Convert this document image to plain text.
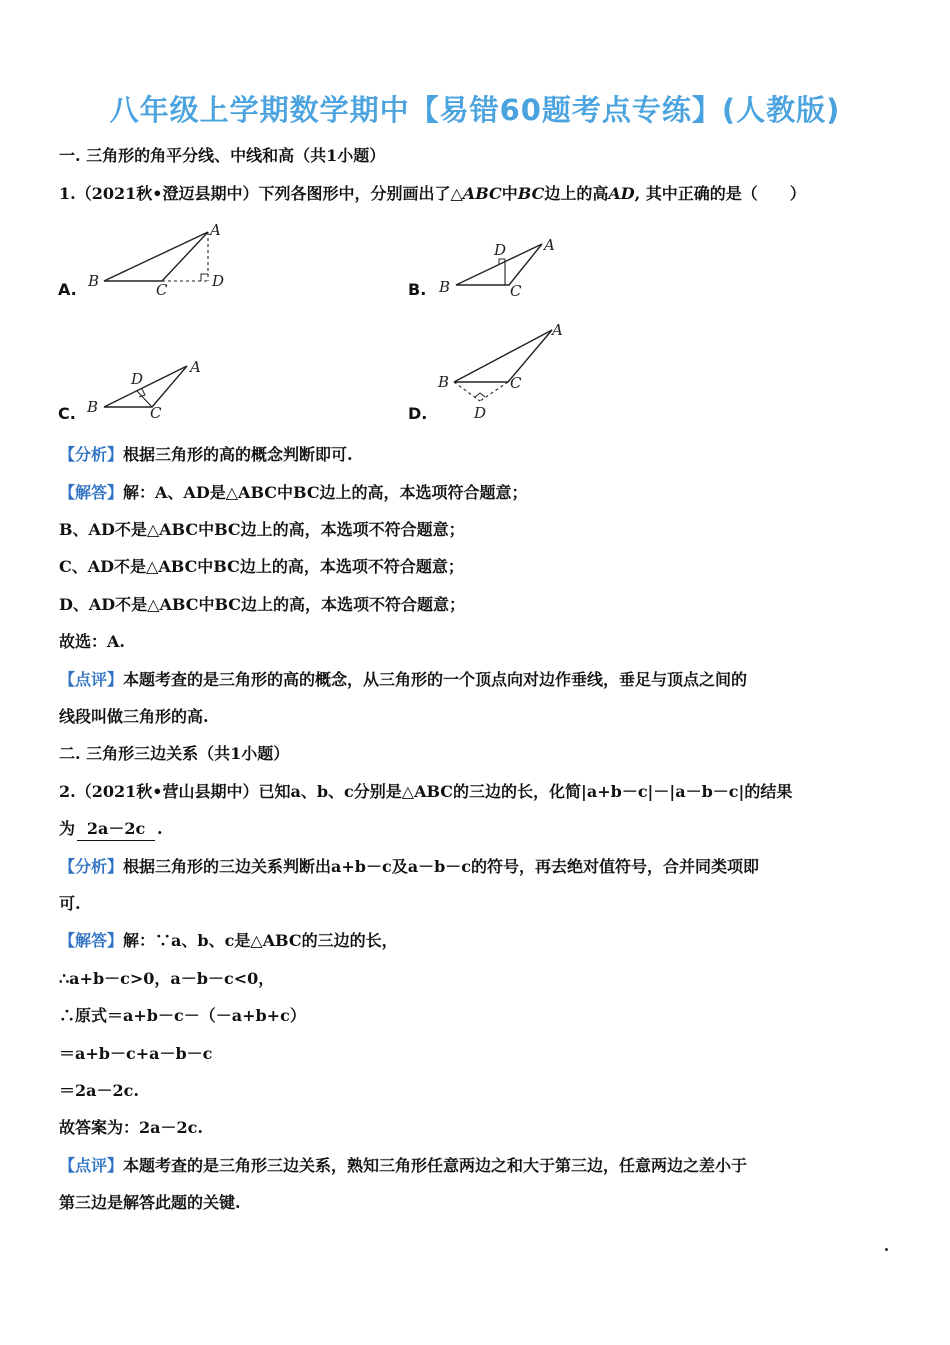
八年级上学期数学期中【易错60题考点专练】(人教版)
一. 三角形的角平分线、中线和高（共1小题）
1.（2021秋•澄迈县期中）下列各图形中，分别画出了△ABC中BC边上的高AD, 其中正确的是（　　）
A.
A
B	C	D	B.
A
B	C
D
C.
A
B	C
D
D.
A
B	C
D
【分析】根据三角形的高的概念判断即可.
【解答】解：A、AD是△ABC中BC边上的高，本选项符合题意；
B、AD不是△ABC中BC边上的高，本选项不符合题意；
C、AD不是△ABC中BC边上的高，本选项不符合题意；
D、AD不是△ABC中BC边上的高，本选项不符合题意；
故选：A.
【点评】本题考查的是三角形的高的概念，从三角形的一个顶点向对边作垂线，垂足与顶点之间的
线段叫做三角形的高.
二. 三角形三边关系（共1小题）
2.（2021秋•营山县期中）已知a、b、c分别是△ABC的三边的长，化简|a+b－c|－|a－b－c|的结果
为 2a－2c .
【分析】根据三角形的三边关系判断出a+b－c及a－b－c的符号，再去绝对值符号，合并同类项即
可.
【解答】解：∵a、b、c是△ABC的三边的长，
∴a+b－c>0，a－b－c<0，
∴原式＝a+b－c－（－a+b+c）
＝a+b－c+a－b－c
＝2a－2c.
故答案为：2a－2c.
【点评】本题考查的是三角形三边关系，熟知三角形任意两边之和大于第三边，任意两边之差小于
第三边是解答此题的关键.
